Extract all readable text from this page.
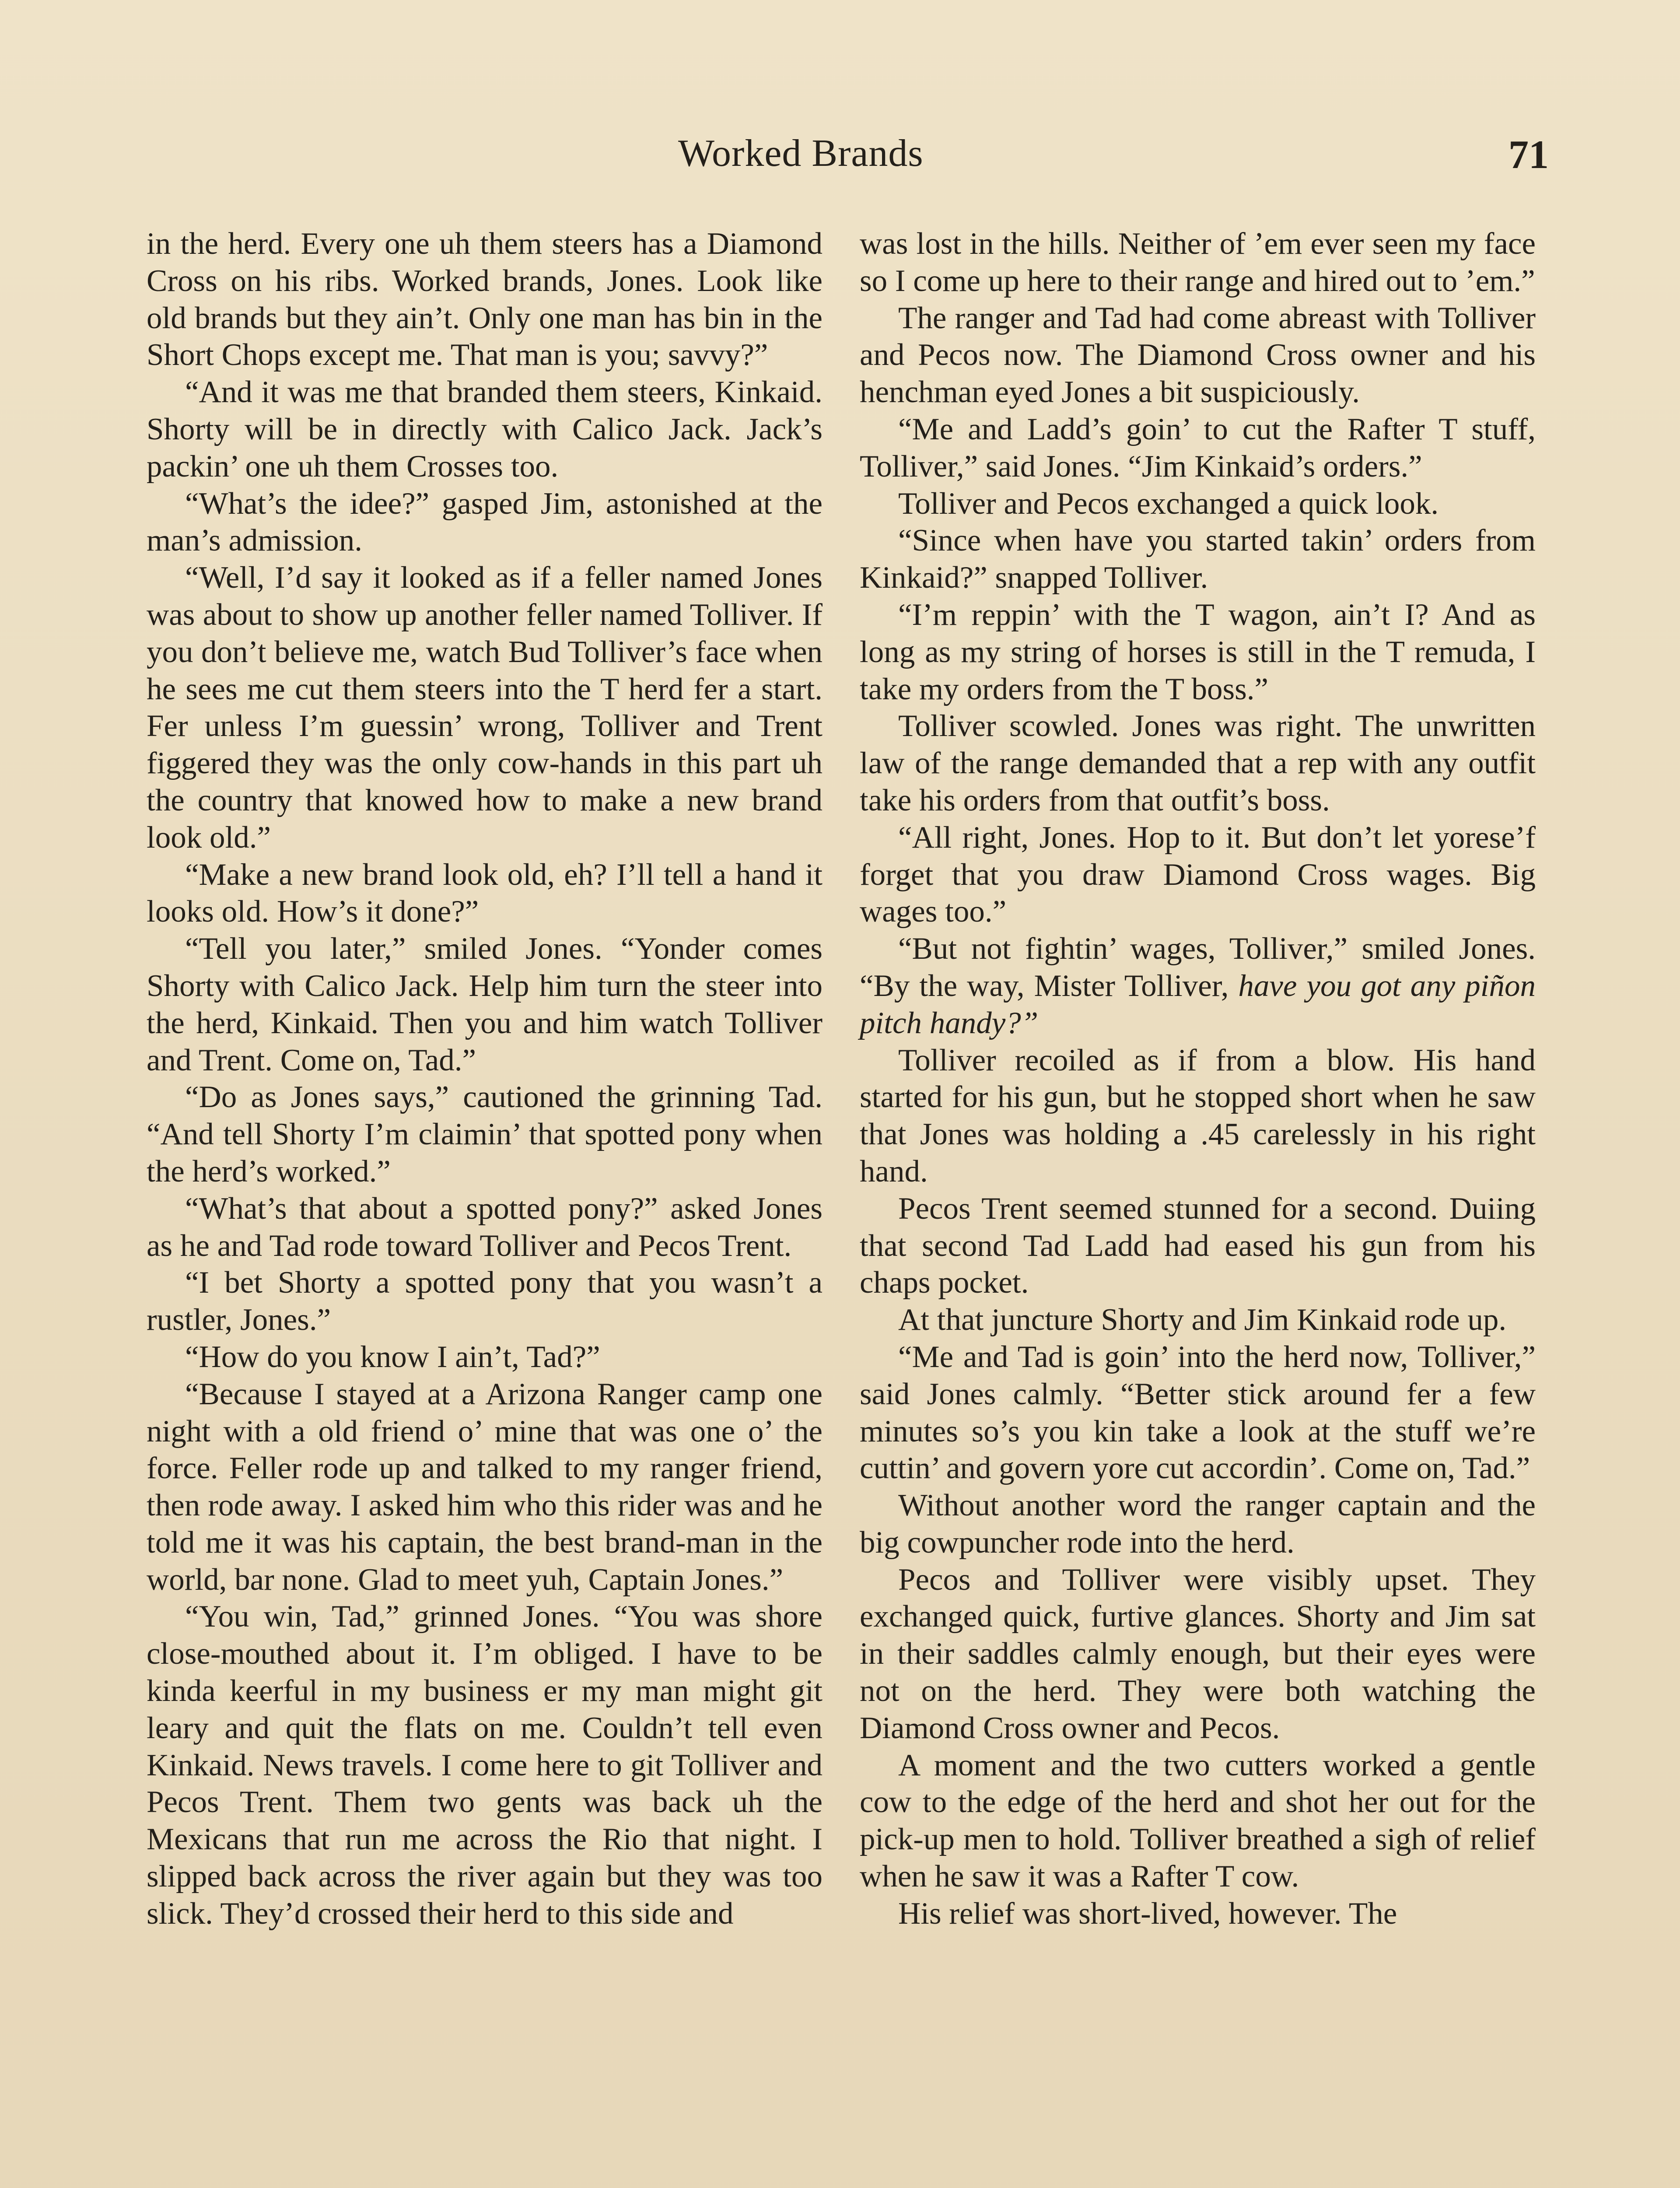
Worked Brands	71

in the herd. Every one uh them steers has a Diamond Cross on his ribs. Worked brands, Jones. Look like old brands but they ain’t. Only one man has bin in the Short Chops except me. That man is you; savvy?”

“And it was me that branded them steers, Kinkaid. Shorty will be in directly with Calico Jack. Jack’s packin’ one uh them Crosses too.

“What’s the idee?” gasped Jim, astonished at the man’s admission.

“Well, I’d say it looked as if a feller named Jones was about to show up another feller named Tolliver. If you don’t believe me, watch Bud Tolliver’s face when he sees me cut them steers into the T herd fer a start. Fer unless I’m guessin’ wrong, Tolliver and Trent figgered they was the only cow-hands in this part uh the country that knowed how to make a new brand look old.”

“Make a new brand look old, eh? I’ll tell a hand it looks old. How’s it done?”

“Tell you later,” smiled Jones. “Yonder comes Shorty with Calico Jack. Help him turn the steer into the herd, Kinkaid. Then you and him watch Tolliver and Trent. Come on, Tad.”

“Do as Jones says,” cautioned the grinning Tad. “And tell Shorty I’m claimin’ that spotted pony when the herd’s worked.”

“What’s that about a spotted pony?” asked Jones as he and Tad rode toward Tolliver and Pecos Trent.

“I bet Shorty a spotted pony that you wasn’t a rustler, Jones.”

“How do you know I ain’t, Tad?”

“Because I stayed at a Arizona Ranger camp one night with a old friend o’ mine that was one o’ the force. Feller rode up and talked to my ranger friend, then rode away. I asked him who this rider was and he told me it was his captain, the best brand-man in the world, bar none. Glad to meet yuh, Captain Jones.”

“You win, Tad,” grinned Jones. “You was shore close-mouthed about it. I’m obliged. I have to be kinda keerful in my business er my man might git leary and quit the flats on me. Couldn’t tell even Kinkaid. News travels. I come here to git Tolliver and Pecos Trent. Them two gents was back uh the Mexicans that run me across the Rio that night. I slipped back across the river again but they was too slick. They’d crossed their herd to this side and

was lost in the hills. Neither of ’em ever seen my face so I come up here to their range and hired out to ’em.”

The ranger and Tad had come abreast with Tolliver and Pecos now. The Diamond Cross owner and his henchman eyed Jones a bit suspiciously.

“Me and Ladd’s goin’ to cut the Rafter T stuff, Tolliver,” said Jones. “Jim Kinkaid’s orders.”

Tolliver and Pecos exchanged a quick look.

“Since when have you started takin’ orders from Kinkaid?” snapped Tolliver.

“I’m reppin’ with the T wagon, ain’t I? And as long as my string of horses is still in the T remuda, I take my orders from the T boss.”

Tolliver scowled. Jones was right. The unwritten law of the range demanded that a rep with any outfit take his orders from that outfit’s boss.

“All right, Jones. Hop to it. But don’t let yorese’f forget that you draw Diamond Cross wages. Big wages too.”

“But not fightin’ wages, Tolliver,” smiled Jones. “By the way, Mister Tolliver, have you got any piñon pitch handy?”

Tolliver recoiled as if from a blow. His hand started for his gun, but he stopped short when he saw that Jones was holding a .45 carelessly in his right hand.

Pecos Trent seemed stunned for a second. Duiing that second Tad Ladd had eased his gun from his chaps pocket.

At that juncture Shorty and Jim Kinkaid rode up.

“Me and Tad is goin’ into the herd now, Tolliver,” said Jones calmly. “Better stick around fer a few minutes so’s you kin take a look at the stuff we’re cuttin’ and govern yore cut accordin’. Come on, Tad.”

Without another word the ranger captain and the big cowpuncher rode into the herd.

Pecos and Tolliver were visibly upset. They exchanged quick, furtive glances. Shorty and Jim sat in their saddles calmly enough, but their eyes were not on the herd. They were both watching the Diamond Cross owner and Pecos.

A moment and the two cutters worked a gentle cow to the edge of the herd and shot her out for the pick-up men to hold. Tolliver breathed a sigh of relief when he saw it was a Rafter T cow.

His relief was short-lived, however. The
